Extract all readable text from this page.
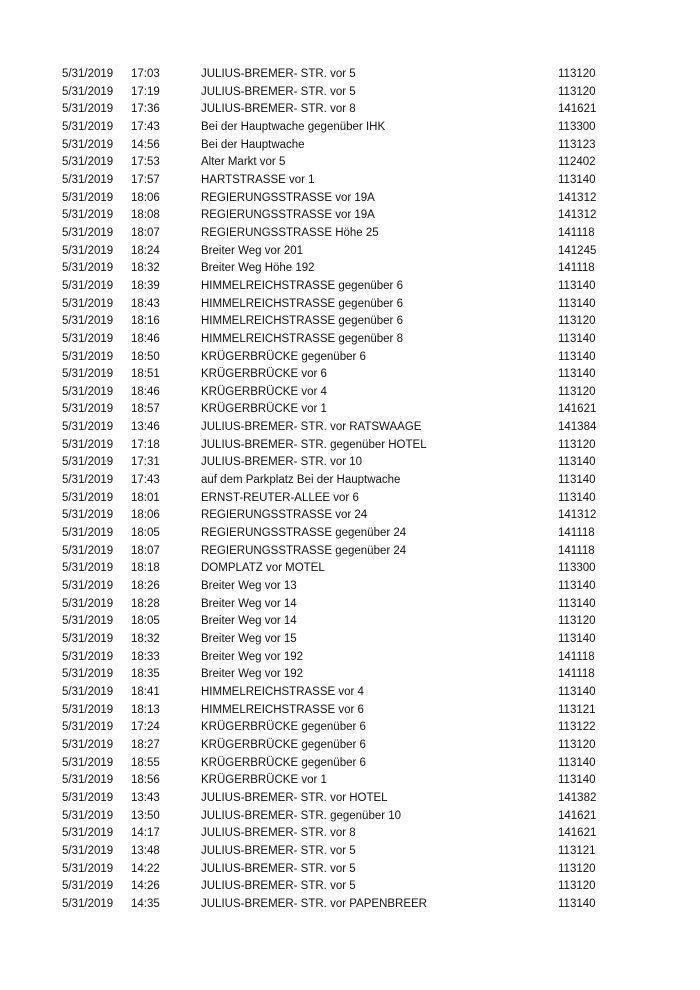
5/31/2019 17:03	JULIUS-BREMER- STR. vor 5	113120
5/31/2019 17:19	JULIUS-BREMER- STR. vor 5	113120
5/31/2019 17:36	JULIUS-BREMER- STR. vor 8	141621
5/31/2019 17:43	Bei der Hauptwache gegenüber IHK	113300
5/31/2019 14:56	Bei der Hauptwache	113123
5/31/2019 17:53	Alter Markt vor 5	112402
5/31/2019 17:57	HARTSTRASSE vor 1	113140
5/31/2019 18:06	REGIERUNGSSTRASSE vor 19A	141312
5/31/2019 18:08	REGIERUNGSSTRASSE vor 19A	141312
5/31/2019 18:07	REGIERUNGSSTRASSE Höhe 25	141118
5/31/2019 18:24	Breiter Weg vor 201	141245
5/31/2019 18:32	Breiter Weg Höhe 192	141118
5/31/2019 18:39	HIMMELREICHSTRASSE gegenüber 6	113140
5/31/2019 18:43	HIMMELREICHSTRASSE gegenüber 6	113140
5/31/2019 18:16	HIMMELREICHSTRASSE gegenüber 6	113120
5/31/2019 18:46	HIMMELREICHSTRASSE gegenüber 8	113140
5/31/2019 18:50	KRÜGERBRÜCKE gegenüber 6	113140
5/31/2019 18:51	KRÜGERBRÜCKE vor 6	113140
5/31/2019 18:46	KRÜGERBRÜCKE vor 4	113120
5/31/2019 18:57	KRÜGERBRÜCKE vor 1	141621
5/31/2019 13:46	JULIUS-BREMER- STR. vor RATSWAAGE	141384
5/31/2019 17:18	JULIUS-BREMER- STR. gegenüber HOTEL	113120
5/31/2019 17:31	JULIUS-BREMER- STR. vor 10	113140
5/31/2019 17:43	auf dem Parkplatz Bei der Hauptwache	113140
5/31/2019 18:01	ERNST-REUTER-ALLEE vor 6	113140
5/31/2019 18:06	REGIERUNGSSTRASSE vor 24	141312
5/31/2019 18:05	REGIERUNGSSTRASSE gegenüber 24	141118
5/31/2019 18:07	REGIERUNGSSTRASSE gegenüber 24	141118
5/31/2019 18:18	DOMPLATZ vor MOTEL	113300
5/31/2019 18:26	Breiter Weg vor 13	113140
5/31/2019 18:28	Breiter Weg vor 14	113140
5/31/2019 18:05	Breiter Weg vor 14	113120
5/31/2019 18:32	Breiter Weg vor 15	113140
5/31/2019 18:33	Breiter Weg vor 192	141118
5/31/2019 18:35	Breiter Weg vor 192	141118
5/31/2019 18:41	HIMMELREICHSTRASSE vor 4	113140
5/31/2019 18:13	HIMMELREICHSTRASSE vor 6	113121
5/31/2019 17:24	KRÜGERBRÜCKE gegenüber 6	113122
5/31/2019 18:27	KRÜGERBRÜCKE gegenüber 6	113120
5/31/2019 18:55	KRÜGERBRÜCKE gegenüber 6	113140
5/31/2019 18:56	KRÜGERBRÜCKE vor 1	113140
5/31/2019 13:43	JULIUS-BREMER- STR. vor HOTEL	141382
5/31/2019 13:50	JULIUS-BREMER- STR. gegenüber 10	141621
5/31/2019 14:17	JULIUS-BREMER- STR. vor 8	141621
5/31/2019 13:48	JULIUS-BREMER- STR. vor 5	113121
5/31/2019 14:22	JULIUS-BREMER- STR. vor 5	113120
5/31/2019 14:26	JULIUS-BREMER- STR. vor 5	113120
5/31/2019 14:35	JULIUS-BREMER- STR. vor PAPENBREER	113140
